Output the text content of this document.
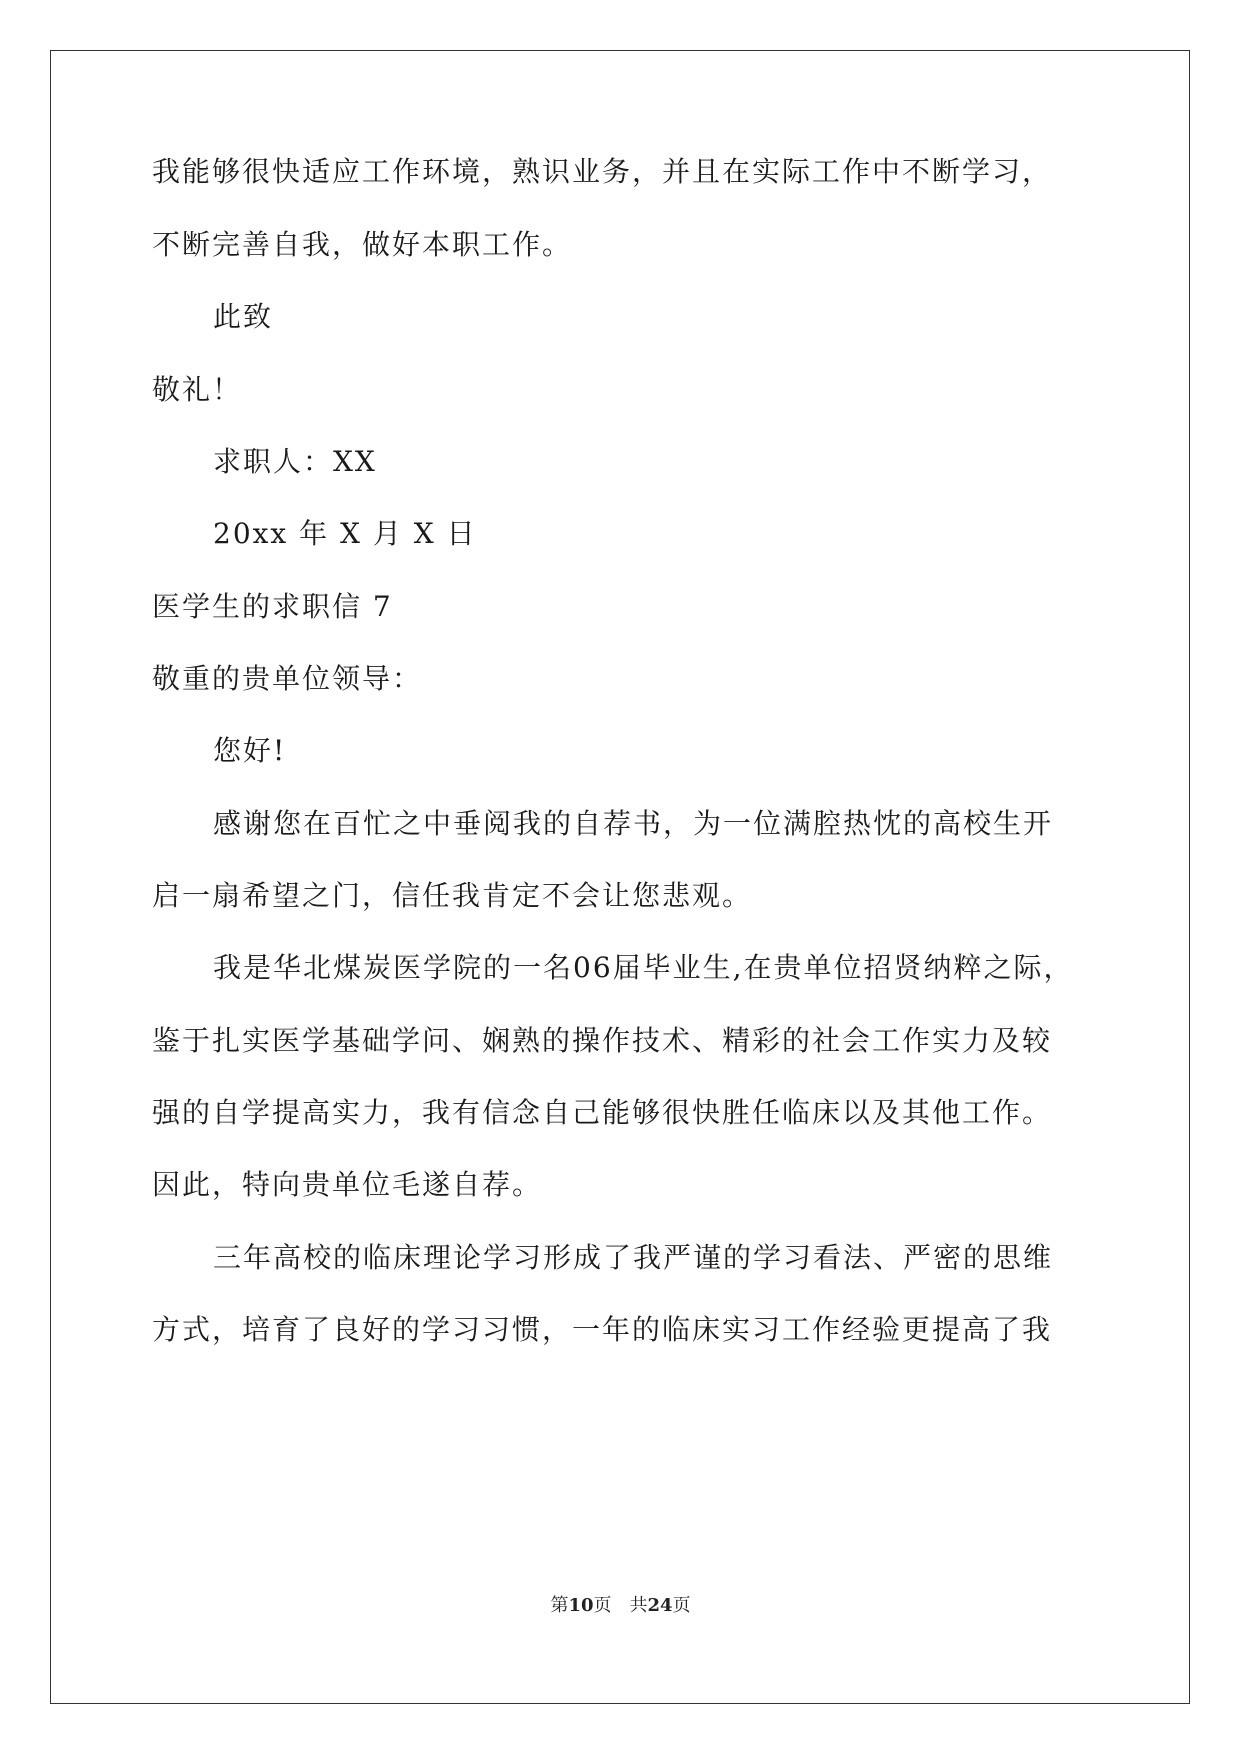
我能够很快适应工作环境，熟识业务，并且在实际工作中不断学习，
不断完善自我，做好本职工作。
此致
敬礼！
求职人：XX
20xx 年 X 月 X 日
医学生的求职信 7
敬重的贵单位领导：
您好!
感谢您在百忙之中垂阅我的自荐书，为一位满腔热忱的高校生开
启一扇希望之门，信任我肯定不会让您悲观。
我是华北煤炭医学院的一名06届毕业生,在贵单位招贤纳粹之际，
鉴于扎实医学基础学问、娴熟的操作技术、精彩的社会工作实力及较
强的自学提高实力，我有信念自己能够很快胜任临床以及其他工作。
因此，特向贵单位毛遂自荐。
三年高校的临床理论学习形成了我严谨的学习看法、严密的思维
方式，培育了良好的学习习惯，一年的临床实习工作经验更提高了我
第10页　共24页
